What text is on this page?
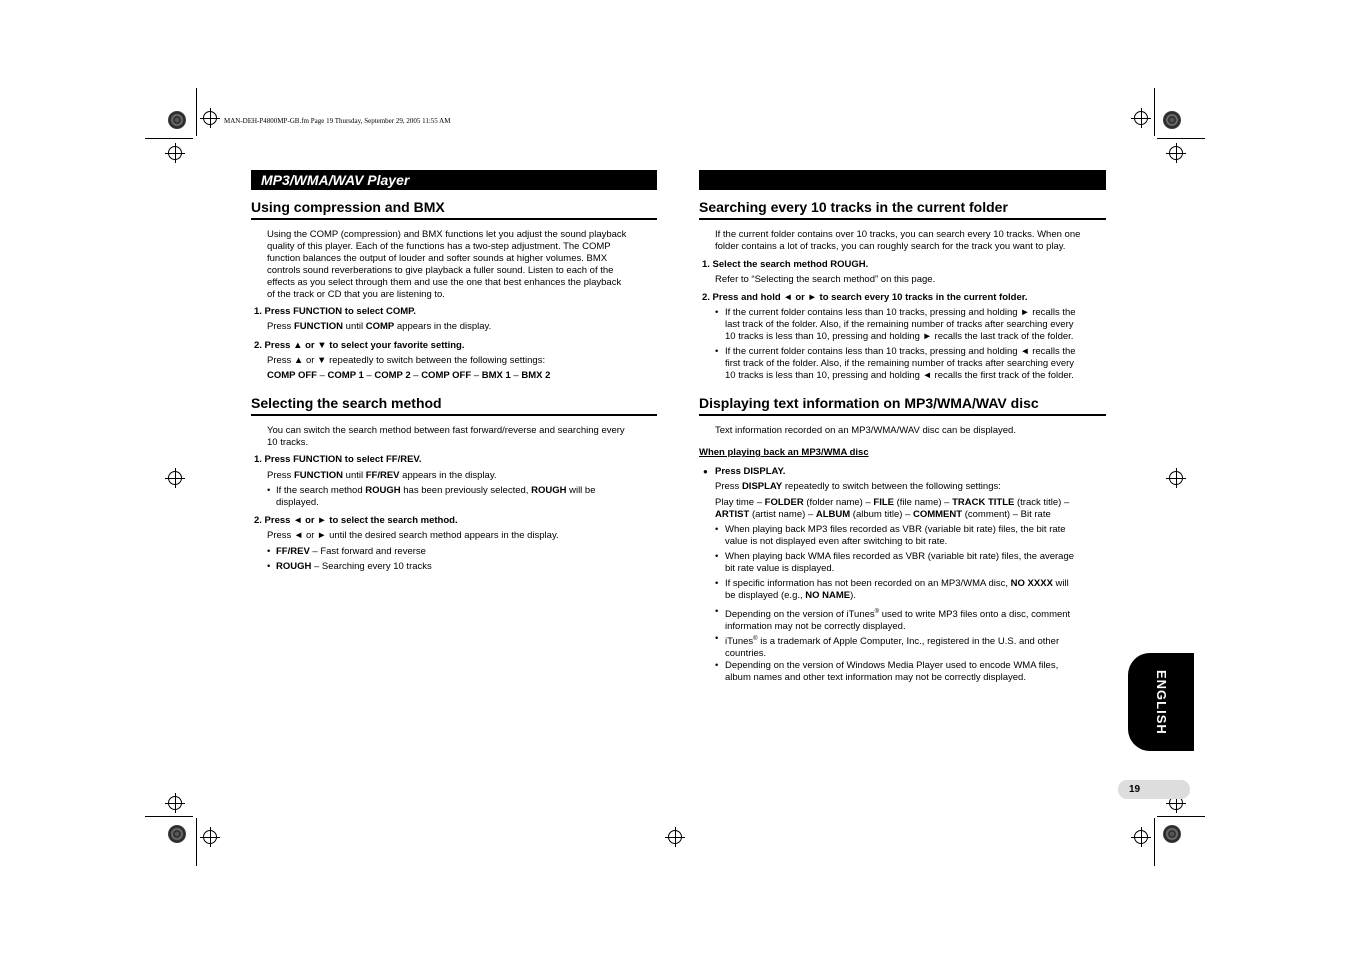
MAN-DEH-P4800MP-GB.fm Page 19 Thursday, September 29, 2005 11:55 AM
MP3/WMA/WAV Player
Using compression and BMX
Using the COMP (compression) and BMX functions let you adjust the sound playback
quality of this player. Each of the functions has a two-step adjustment. The COMP
function balances the output of louder and softer sounds at higher volumes. BMX
controls sound reverberations to give playback a fuller sound. Listen to each of the
effects as you select through them and use the one that best enhances the playback
of the track or CD that you are listening to.
1. Press FUNCTION to select COMP.
Press FUNCTION until COMP appears in the display.
2. Press ▲ or ▼ to select your favorite setting.
Press ▲ or ▼ repeatedly to switch between the following settings:
COMP OFF – COMP 1 – COMP 2 – COMP OFF – BMX 1 – BMX 2
Selecting the search method
You can switch the search method between fast forward/reverse and searching every
10 tracks.
1. Press FUNCTION to select FF/REV.
Press FUNCTION until FF/REV appears in the display.
• If the search method ROUGH has been previously selected, ROUGH will be
displayed.
2. Press ◄ or ► to select the search method.
Press ◄ or ► until the desired search method appears in the display.
• FF/REV – Fast forward and reverse
• ROUGH – Searching every 10 tracks
Searching every 10 tracks in the current folder
If the current folder contains over 10 tracks, you can search every 10 tracks. When one
folder contains a lot of tracks, you can roughly search for the track you want to play.
1. Select the search method ROUGH.
Refer to “Selecting the search method” on this page.
2. Press and hold ◄ or ► to search every 10 tracks in the current folder.
• If the current folder contains less than 10 tracks, pressing and holding ► recalls the
last track of the folder. Also, if the remaining number of tracks after searching every
10 tracks is less than 10, pressing and holding ► recalls the last track of the folder.
• If the current folder contains less than 10 tracks, pressing and holding ◄ recalls the
first track of the folder. Also, if the remaining number of tracks after searching every
10 tracks is less than 10, pressing and holding ◄ recalls the first track of the folder.
Displaying text information on MP3/WMA/WAV disc
Text information recorded on an MP3/WMA/WAV disc can be displayed.
When playing back an MP3/WMA disc
● Press DISPLAY.
Press DISPLAY repeatedly to switch between the following settings:
Play time – FOLDER (folder name) – FILE (file name) – TRACK TITLE (track title) –
ARTIST (artist name) – ALBUM (album title) – COMMENT (comment) – Bit rate
• When playing back MP3 files recorded as VBR (variable bit rate) files, the bit rate
value is not displayed even after switching to bit rate.
• When playing back WMA files recorded as VBR (variable bit rate) files, the average
bit rate value is displayed.
• If specific information has not been recorded on an MP3/WMA disc, NO XXXX will
be displayed (e.g., NO NAME).
• Depending on the version of iTunes® used to write MP3 files onto a disc, comment
information may not be correctly displayed.
• iTunes® is a trademark of Apple Computer, Inc., registered in the U.S. and other
countries.
• Depending on the version of Windows Media Player used to encode WMA files,
album names and other text information may not be correctly displayed.	ENGLISH
19
